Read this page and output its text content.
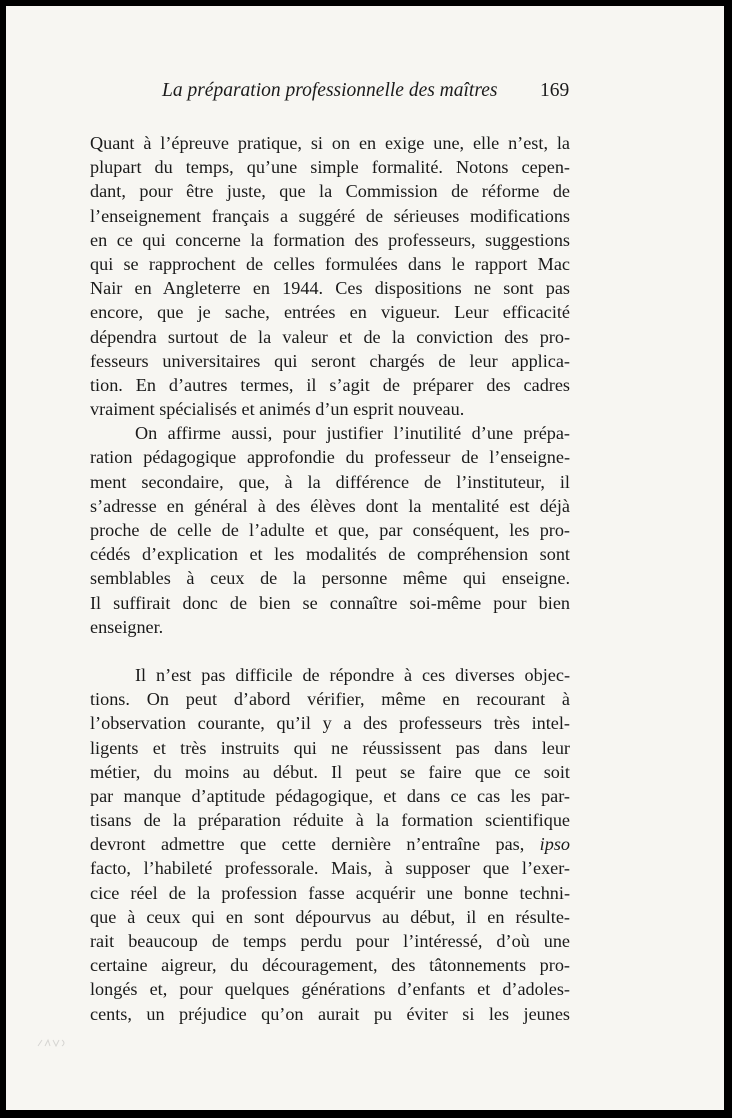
La préparation professionnelle des maîtres 169
Quant à l’épreuve pratique, si on en exige une, elle n’est, la
plupart du temps, qu’une simple formalité. Notons cepen-
dant, pour être juste, que la Commission de réforme de
l’enseignement français a suggéré de sérieuses modifications
en ce qui concerne la formation des professeurs, suggestions
qui se rapprochent de celles formulées dans le rapport Mac
Nair en Angleterre en 1944. Ces dispositions ne sont pas
encore, que je sache, entrées en vigueur. Leur efficacité
dépendra surtout de la valeur et de la conviction des pro-
fesseurs universitaires qui seront chargés de leur applica-
tion. En d’autres termes, il s’agit de préparer des cadres
vraiment spécialisés et animés d’un esprit nouveau.
On affirme aussi, pour justifier l’inutilité d’une prépa-
ration pédagogique approfondie du professeur de l’enseigne-
ment secondaire, que, à la différence de l’instituteur, il
s’adresse en général à des élèves dont la mentalité est déjà
proche de celle de l’adulte et que, par conséquent, les pro-
cédés d’explication et les modalités de compréhension sont
semblables à ceux de la personne même qui enseigne.
Il suffirait donc de bien se connaître soi-même pour bien
enseigner.
Il n’est pas difficile de répondre à ces diverses objec-
tions. On peut d’abord vérifier, même en recourant à
l’observation courante, qu’il y a des professeurs très intel-
ligents et très instruits qui ne réussissent pas dans leur
métier, du moins au début. Il peut se faire que ce soit
par manque d’aptitude pédagogique, et dans ce cas les par-
tisans de la préparation réduite à la formation scientifique
devront admettre que cette dernière n’entraîne pas, ipso
facto, l’habileté professorale. Mais, à supposer que l’exer-
cice réel de la profession fasse acquérir une bonne techni-
que à ceux qui en sont dépourvus au début, il en résulte-
rait beaucoup de temps perdu pour l’intéressé, d’où une
certaine aigreur, du découragement, des tâtonnements pro-
longés et, pour quelques générations d’enfants et d’adoles-
cents, un préjudice qu’on aurait pu éviter si les jeunes
